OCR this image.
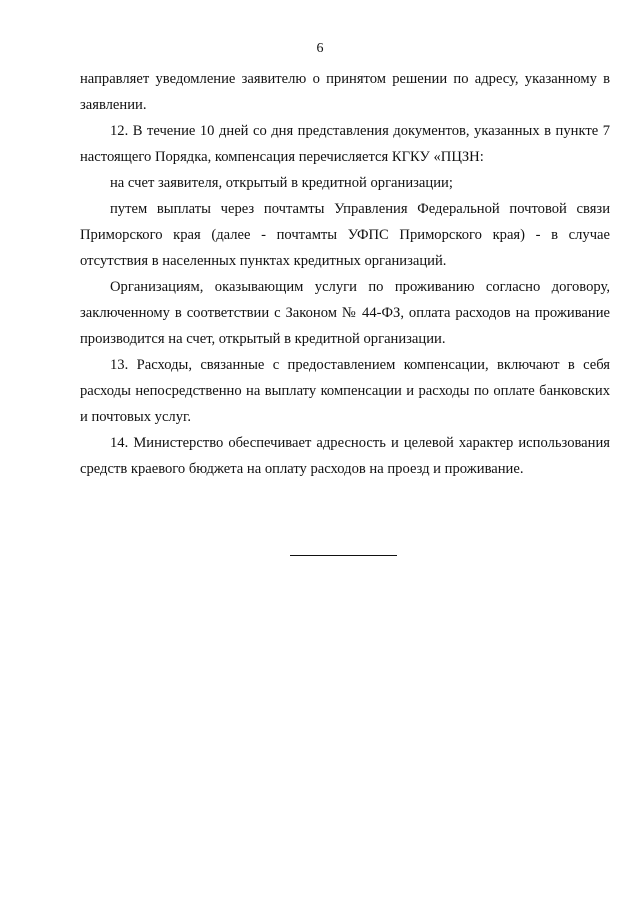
6

направляет уведомление заявителю о принятом решении по адресу, указанному в заявлении.

12. В течение 10 дней со дня представления документов, указанных в пункте 7 настоящего Порядка, компенсация перечисляется КГКУ «ПЦЗН:

на счет заявителя, открытый в кредитной организации;

путем выплаты через почтамты Управления Федеральной почтовой связи Приморского края (далее - почтамты УФПС Приморского края) - в случае отсутствия в населенных пунктах кредитных организаций.

Организациям, оказывающим услуги по проживанию согласно договору, заключенному в соответствии с Законом № 44-ФЗ, оплата расходов на проживание производится на счет, открытый в кредитной организации.

13. Расходы, связанные с предоставлением компенсации, включают в себя расходы непосредственно на выплату компенсации и расходы по оплате банковских и почтовых услуг.

14. Министерство обеспечивает адресность и целевой характер использования средств краевого бюджета на оплату расходов на проезд и проживание.
